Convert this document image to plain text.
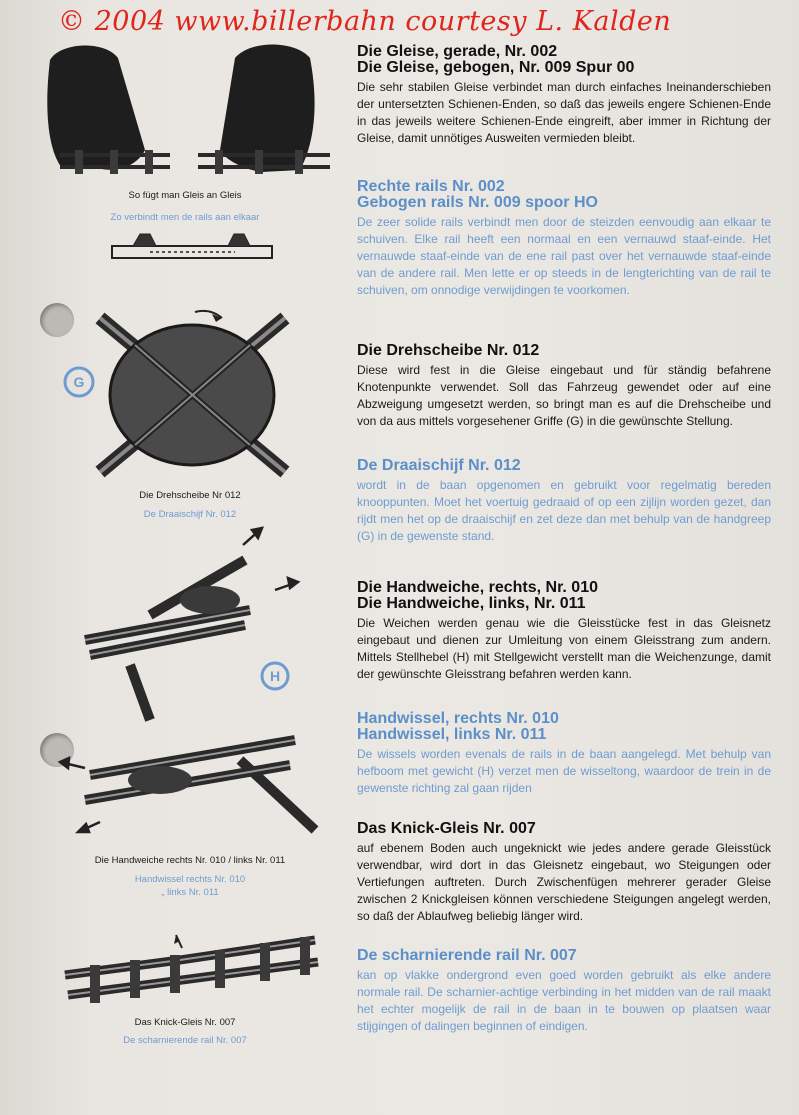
© 2004 www.billerbahn courtesy L. Kalden
G
H
So fügt man Gleis an Gleis
Zo verbindt men de rails aan elkaar
Die Drehscheibe Nr 012
De Draaischijf Nr. 012
Die Handweiche rechts Nr. 010 / links Nr. 011
Handwissel rechts Nr. 010
„ links Nr. 011
Das Knick-Gleis Nr. 007
De scharnierende rail Nr. 007

Die Gleise, gerade, Nr. 002

Die Gleise, gebogen, Nr. 009 Spur 00

Die sehr stabilen Gleise verbindet man durch einfaches Ineinanderschieben der untersetzten Schienen-Enden, so daß das jeweils engere Schienen-Ende in das jeweils weitere Schienen-Ende eingreift, aber immer in Richtung der Gleise, damit unnötiges Ausweiten vermieden bleibt.

Rechte rails Nr. 002

Gebogen rails Nr. 009 spoor HO

De zeer solide rails verbindt men door de steizden eenvoudig aan elkaar te schuiven. Elke rail heeft een normaal en een vernauwd staaf-einde. Het vernauwde staaf-einde van de ene rail past over het vernauwde staaf-einde van de andere rail. Men lette er op steeds in de lengterichting van de rail te schuiven, om onnodige verwijdingen te voorkomen.

Die Drehscheibe Nr. 012

Diese wird fest in die Gleise eingebaut und für ständig befahrene Knotenpunkte verwendet. Soll das Fahrzeug gewendet oder auf eine Abzweigung umgesetzt werden, so bringt man es auf die Drehscheibe und von da aus mittels vorgesehener Griffe (G) in die gewünschte Stellung.

De Draaischijf Nr. 012

wordt in de baan opgenomen en gebruikt voor regelmatig bereden knooppunten. Moet het voertuig gedraaid of op een zijlijn worden gezet, dan rijdt men het op de draaischijf en zet deze dan met behulp van de handgreep (G) in de gewenste stand.

Die Handweiche, rechts, Nr. 010

Die Handweiche, links, Nr. 011

Die Weichen werden genau wie die Gleisstücke fest in das Gleisnetz eingebaut und dienen zur Umleitung von einem Gleisstrang zum andern. Mittels Stellhebel (H) mit Stellgewicht verstellt man die Weichenzunge, damit der gewünschte Gleisstrang befahren werden kann.

Handwissel, rechts Nr. 010

Handwissel, links Nr. 011

De wissels worden evenals de rails in de baan aangelegd. Met behulp van hefboom met gewicht (H) verzet men de wisseltong, waardoor de trein in de gewenste richting zal gaan rijden

Das Knick-Gleis Nr. 007

auf ebenem Boden auch ungeknickt wie jedes andere gerade Gleisstück verwendbar, wird dort in das Gleisnetz eingebaut, wo Steigungen oder Vertiefungen auftreten. Durch Zwischenfügen mehrerer gerader Gleise zwischen 2 Knickgleisen können verschiedene Steigungen angelegt werden, so daß der Ablaufweg beliebig länger wird.

De scharnierende rail Nr. 007

kan op vlakke ondergrond even goed worden gebruikt als elke andere normale rail. De scharnier-achtige verbinding in het midden van de rail maakt het echter mogelijk de rail in de baan in te bouwen op plaatsen waar stijgingen of dalingen beginnen of eindigen.
